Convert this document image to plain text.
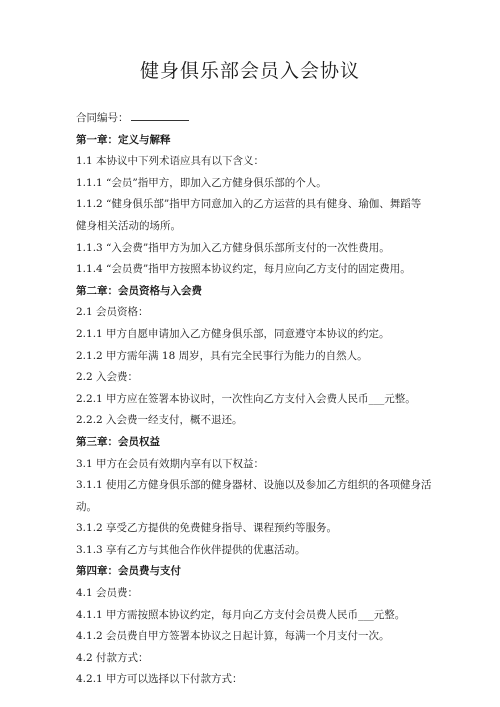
健身俱乐部会员入会协议
合同编号：
第一章：定义与解释
1.1 本协议中下列术语应具有以下含义：
1.1.1 “会员”指甲方，即加入乙方健身俱乐部的个人。
1.1.2 “健身俱乐部”指甲方同意加入的乙方运营的具有健身、瑜伽、舞蹈等
健身相关活动的场所。
1.1.3 “入会费”指甲方为加入乙方健身俱乐部所支付的一次性费用。
1.1.4 “会员费”指甲方按照本协议约定，每月应向乙方支付的固定费用。
第二章：会员资格与入会费
2.1 会员资格：
2.1.1 甲方自愿申请加入乙方健身俱乐部，同意遵守本协议的约定。
2.1.2 甲方需年满 18 周岁，具有完全民事行为能力的自然人。
2.2 入会费：
2.2.1 甲方应在签署本协议时，一次性向乙方支付入会费人民币___元整。
2.2.2 入会费一经支付，概不退还。
第三章：会员权益
3.1 甲方在会员有效期内享有以下权益：
3.1.1 使用乙方健身俱乐部的健身器材、设施以及参加乙方组织的各项健身活
动。
3.1.2 享受乙方提供的免费健身指导、课程预约等服务。
3.1.3 享有乙方与其他合作伙伴提供的优惠活动。
第四章：会员费与支付
4.1 会员费：
4.1.1 甲方需按照本协议约定，每月向乙方支付会员费人民币___元整。
4.1.2 会员费自甲方签署本协议之日起计算，每满一个月支付一次。
4.2 付款方式：
4.2.1 甲方可以选择以下付款方式：
